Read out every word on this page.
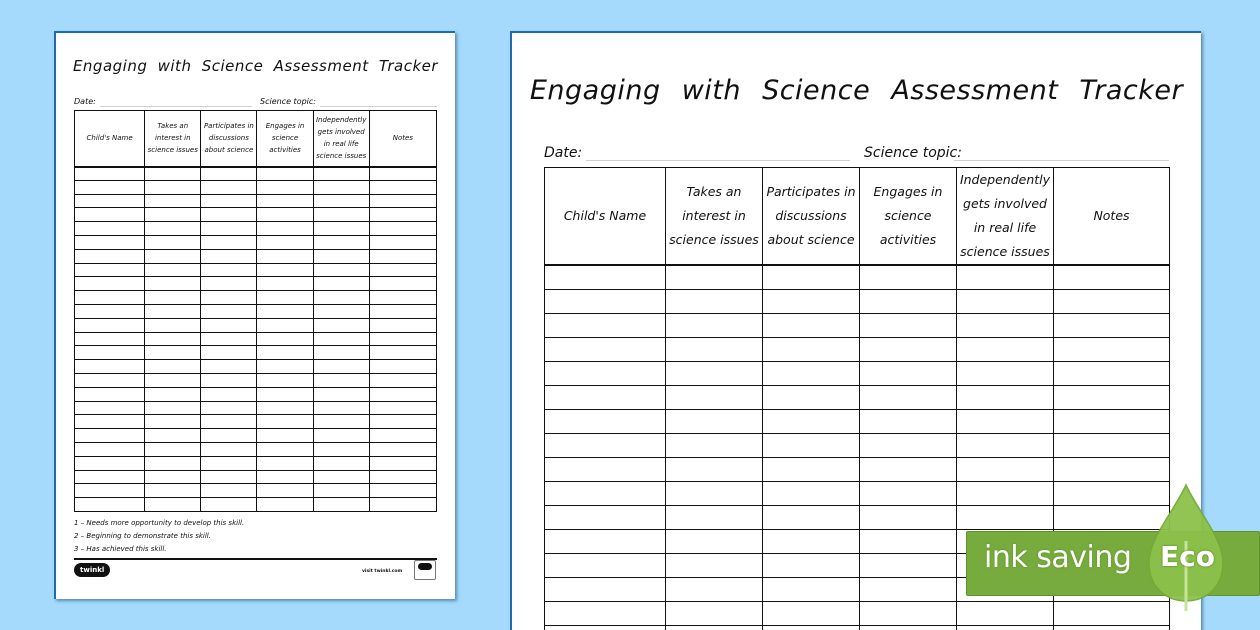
Engaging with Science Assessment Tracker
Date:	Science topic:
Child's Name	Takes an interest in science issues	Participates in discussions about science	Engages in science activities	Independently gets involved in real life science issues	Notes

1 – Needs more opportunity to develop this skill.
2 – Beginning to demonstrate this skill.
3 – Has achieved this skill.
twinkl	visit twinkl.com
Engaging with Science Assessment Tracker
Date:	Science topic:
Child's Name	Takes an interest in science issues	Participates in discussions about science	Engages in science activities	Independently gets involved in real life science issues	Notes

ink saving Eco
